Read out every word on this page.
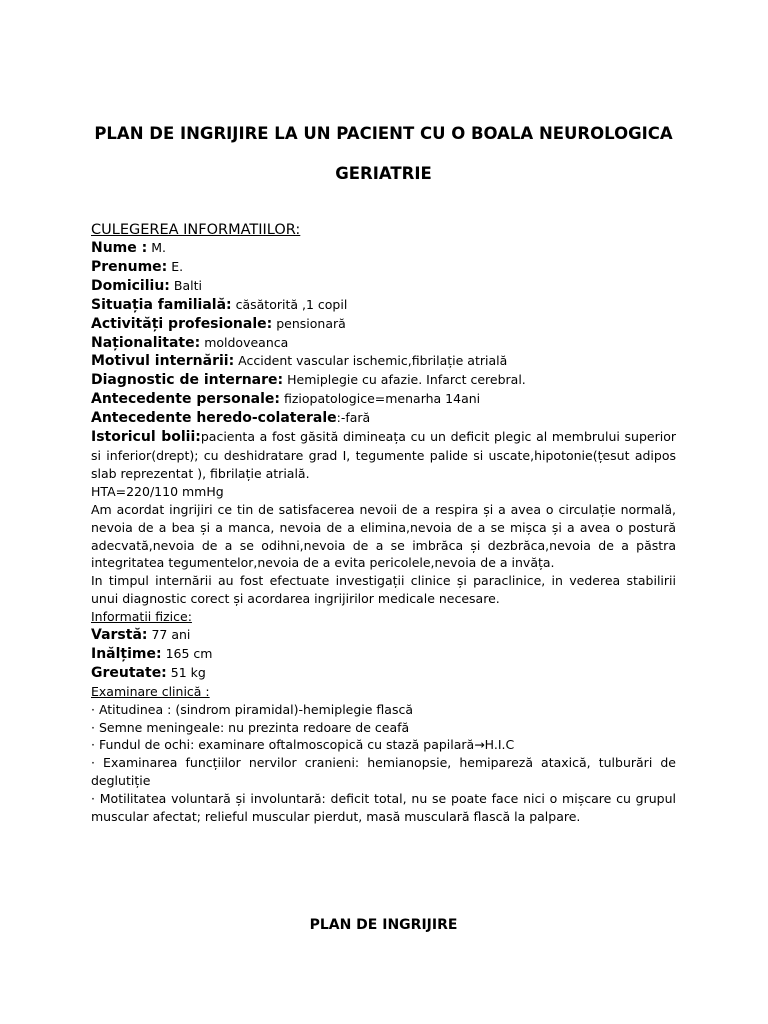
PLAN DE INGRIJIRE LA UN PACIENT CU O BOALA NEUROLOGICA
GERIATRIE
CULEGEREA INFORMATIILOR:
Nume : M.
Prenume: E.
Domiciliu: Balti
Situația familială: căsătorită ,1 copil
Activități profesionale: pensionară
Naționalitate: moldoveanca
Motivul internării: Accident vascular ischemic,fibrilație atrială
Diagnostic de internare: Hemiplegie cu afazie. Infarct cerebral.
Antecedente personale: fiziopatologice=menarha 14ani
Antecedente heredo-colaterale:-fară
Istoricul bolii:pacienta a fost găsită dimineața cu un deficit plegic al membrului superior si inferior(drept); cu deshidratare grad I, tegumente palide si uscate,hipotonie(țesut adipos slab reprezentat ), fibrilație atrială.
HTA=220/110 mmHg
Am acordat ingrijiri ce tin de satisfacerea nevoii de a respira și a avea o circulație normală, nevoia de a bea și a manca, nevoia de a elimina,nevoia de a se mișca și a avea o postură adecvată,nevoia de a se odihni,nevoia de a se imbrăca și dezbrăca,nevoia de a păstra integritatea tegumentelor,nevoia de a evita pericolele,nevoia de a invăța.
In timpul internării au fost efectuate investigații clinice și paraclinice, in vederea stabilirii unui diagnostic corect și acordarea ingrijirilor medicale necesare.
Informatii fizice:
Varstă: 77 ani
Inălțime: 165 cm
Greutate: 51 kg
Examinare clinică :
· Atitudinea : (sindrom piramidal)-hemiplegie flască
· Semne meningeale: nu prezinta redoare de ceafă
· Fundul de ochi: examinare oftalmoscopică cu stază papilară→H.I.C
· Examinarea funcțiilor nervilor cranieni: hemianopsie, hemipareză ataxică, tulburări de deglutiție
· Motilitatea voluntară și involuntară: deficit total, nu se poate face nici o mișcare cu grupul muscular afectat; relieful muscular pierdut, masă musculară flască la palpare.
PLAN DE INGRIJIRE
